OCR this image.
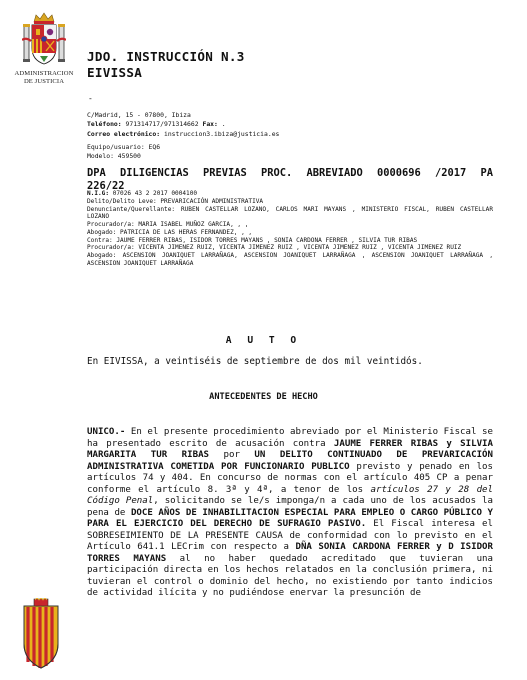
ADMINISTRACION
DE JUSTICIA
JDO. INSTRUCCIÓN N.3
EIVISSA
-
C/Madrid, 15 - 07800, Ibiza
Teléfono: 971314717/971314662 Fax: .
Correo electrónico: instruccion3.ibiza@justicia.es
Equipo/usuario: EQ6
Modelo: 459500
DPA DILIGENCIAS PREVIAS PROC. ABREVIADO 0000696 /2017 PA
226/22

N.I.G: 07026 43 2 2017 0004100

Delito/Delito Leve: PREVARICACIÓN ADMINISTRATIVA

Denunciante/Querellante: RUBEN CASTELLAR LOZANO, CARLOS MARI MAYANS , MINISTERIO FISCAL, RUBEN CASTELLAR LOZANO

Procurador/a: MARIA ISABEL MUÑOZ GARCIA, , ,

Abogado: PATRICIA DE LAS HERAS FERNANDEZ, , ,

Contra: JAUME FERRER RIBAS, ISIDOR TORRES MAYANS , SONIA CARDONA FERRER , SILVIA TUR RIBAS

Procurador/a: VICENTA JIMENEZ RUIZ, VICENTA JIMENEZ RUIZ , VICENTA JIMENEZ RUIZ , VICENTA JIMENEZ RUIZ

Abogado: ASCENSION JOANIQUET LARRAÑAGA, ASCENSION JOANIQUET LARRAÑAGA , ASCENSION JOANIQUET LARRAÑAGA , ASCENSION JOANIQUET LARRAÑAGA

A U T O
En EIVISSA, a veintiséis de septiembre de dos mil veintidós.
ANTECEDENTES DE HECHO

UNICO.- En el presente procedimiento abreviado por el Ministerio Fiscal se ha presentado escrito de acusación contra JAUME FERRER RIBAS y SILVIA MARGARITA TUR RIBAS por UN DELITO CONTINUADO DE PREVARICACIÓN ADMINISTRATIVA COMETIDA POR FUNCIONARIO PUBLICO previsto y penado en los artículos 74 y 404. En concurso de normas con el artículo 405 CP a penar conforme el artículo 8. 3ª y 4ª, a tenor de los artículos 27 y 28 del Código Penal, solicitando se le/s imponga/n a cada uno de los acusados la pena de DOCE AÑOS DE INHABILITACION ESPECIAL PARA EMPLEO O CARGO PÚBLICO Y PARA EL EJERCICIO DEL DERECHO DE SUFRAGIO PASIVO. El Fiscal interesa el SOBRESEIMIENTO DE LA PRESENTE CAUSA de conformidad con lo previsto en el Artículo 641.1 LECrim con respecto a DÑA SONIA CARDONA FERRER y D ISIDOR TORRES MAYANS al no haber quedado acreditado que tuvieran una participación directa en los hechos relatados en la conclusión primera, ni tuvieran el control o dominio del hecho, no existiendo por tanto indicios de actividad ilícita y no pudiéndose enervar la presunción de
